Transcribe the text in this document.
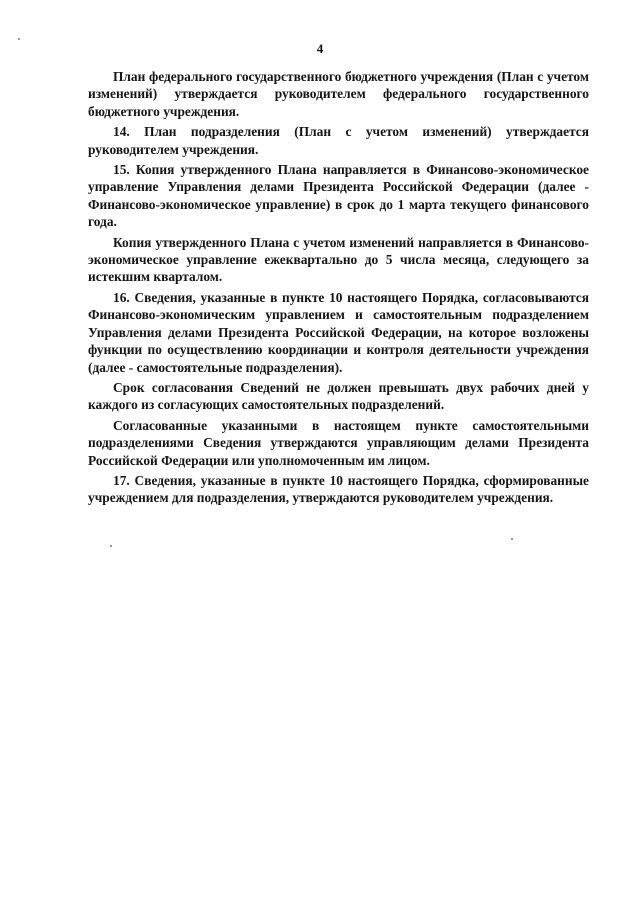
4

План федерального государственного бюджетного учреждения (План с учетом изменений) утверждается руководителем федерального государственного бюджетного учреждения.

14. План подразделения (План с учетом изменений) утверждается руководителем учреждения.

15. Копия утвержденного Плана направляется в Финансово-экономическое управление Управления делами Президента Российской Федерации (далее - Финансово-экономическое управление) в срок до 1 марта текущего финансового года.

Копия утвержденного Плана с учетом изменений направляется в Финансово-экономическое управление ежеквартально до 5 числа месяца, следующего за истекшим кварталом.

16. Сведения, указанные в пункте 10 настоящего Порядка, согласовываются Финансово-экономическим управлением и самостоятельным подразделением Управления делами Президента Российской Федерации, на которое возложены функции по осуществлению координации и контроля деятельности учреждения (далее - самостоятельные подразделения).

Срок согласования Сведений не должен превышать двух рабочих дней у каждого из согласующих самостоятельных подразделений.

Согласованные указанными в настоящем пункте самостоятельными подразделениями Сведения утверждаются управляющим делами Президента Российской Федерации или уполномоченным им лицом.

17. Сведения, указанные в пункте 10 настоящего Порядка, сформированные учреждением для подразделения, утверждаются руководителем учреждения.
